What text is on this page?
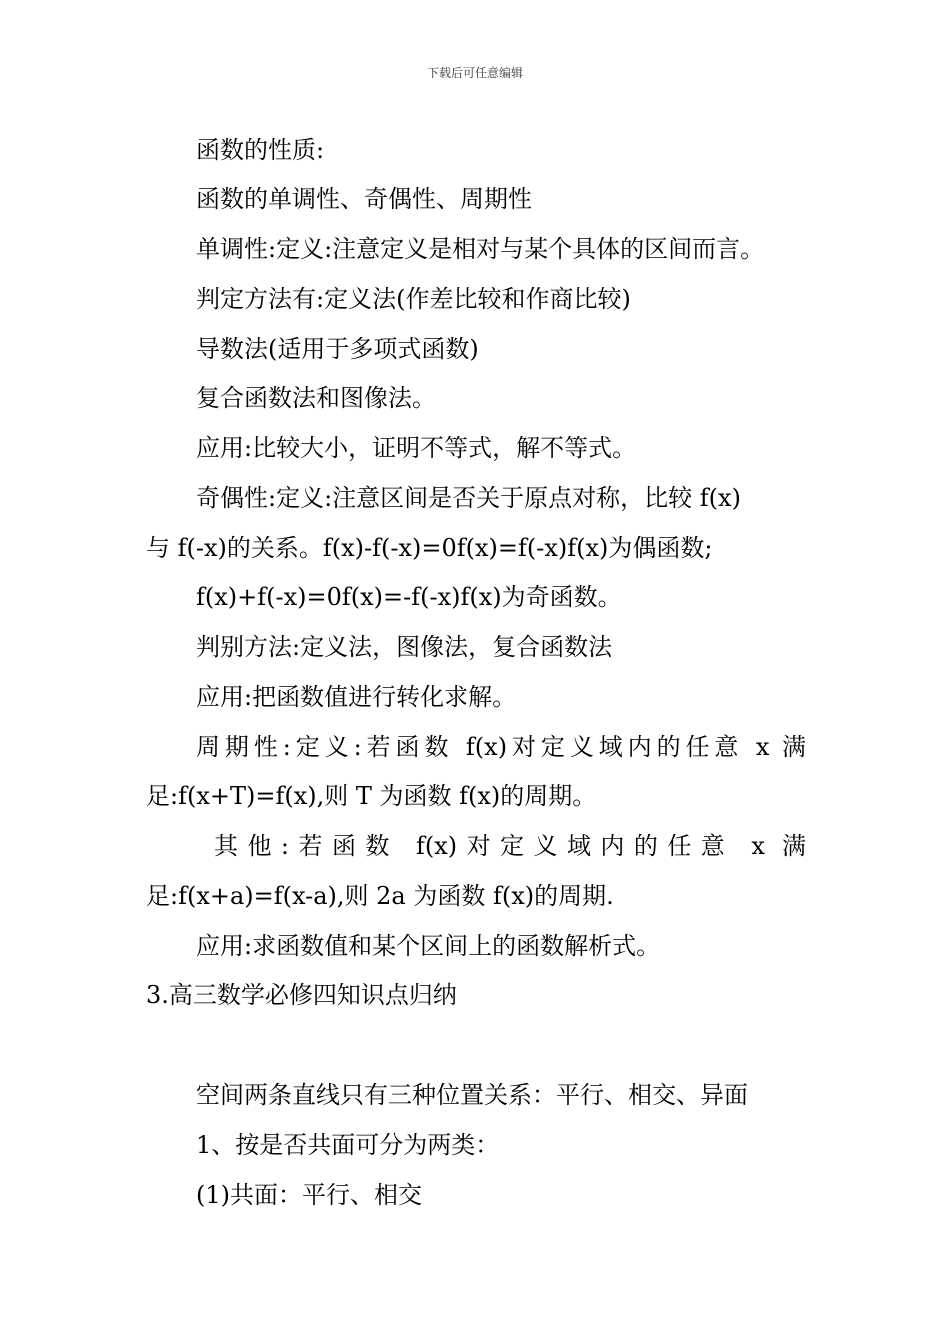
下载后可任意编辑
函数的性质:
函数的单调性、奇偶性、周期性
单调性:定义:注意定义是相对与某个具体的区间而言。
判定方法有:定义法(作差比较和作商比较)
导数法(适用于多项式函数)
复合函数法和图像法。
应用:比较大小，证明不等式，解不等式。
奇偶性:定义:注意区间是否关于原点对称，比较 f(x)
与 f(-x)的关系。f(x)-f(-x)=0f(x)=f(-x)f(x)为偶函数;
f(x)+f(-x)=0f(x)=-f(-x)f(x)为奇函数。
判别方法:定义法，图像法，复合函数法
应用:把函数值进行转化求解。
周期性:定义:若函数 f(x)对定义域内的任意 x 满
足:f(x+T)=f(x),则 T 为函数 f(x)的周期。
其他:若函数 f(x)对定义域内的任意 x 满
足:f(x+a)=f(x-a),则 2a 为函数 f(x)的周期.
应用:求函数值和某个区间上的函数解析式。
3.高三数学必修四知识点归纳
空间两条直线只有三种位置关系：平行、相交、异面
1、按是否共面可分为两类：
(1)共面：平行、相交
